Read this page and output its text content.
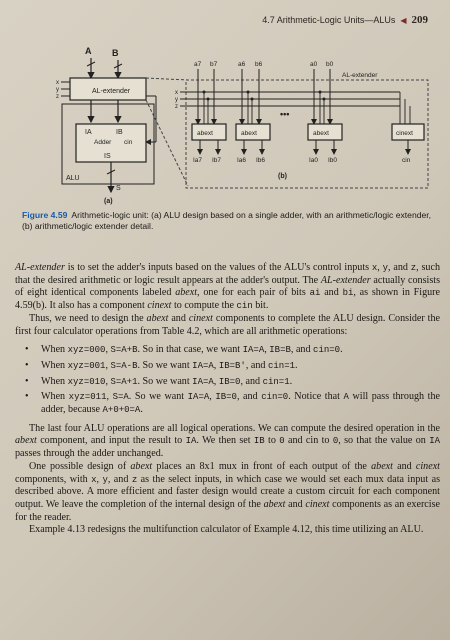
4.7 Arithmetic-Logic Units—ALUs ◀ 209
A B
x
y
z
AL-extender
IA	IB
Adder cin
IS
ALU
S
(a)
AL-extender
a7 b7	a6 b6	a0 b0
x
y
z
•••
abext	abext	abext	cinext
Ia7 Ib7 Ia6 Ib6	Ia0 Ib0	cin
(b)
Figure 4.59 Arithmetic-logic unit: (a) ALU design based on a single adder, with an arithmetic/logic extender, (b) arithmetic/logic extender detail.

AL-extender is to set the adder's inputs based on the values of the ALU's control inputs x, y, and z, such that the desired arithmetic or logic result appears at the adder's output. The AL-extender actually consists of eight identical components labeled abext, one for each pair of bits ai and bi, as shown in Figure 4.59(b). It also has a component cinext to compute the cin bit.

Thus, we need to design the abext and cinext components to complete the ALU design. Consider the first four calculator operations from Table 4.2, which are all arithmetic operations:

• When xyz=000, S=A+B. So in that case, we want IA=A, IB=B, and cin=0.
• When xyz=001, S=A-B. So we want IA=A, IB=B', and cin=1.
• When xyz=010, S=A+1. So we want IA=A, IB=0, and cin=1.
• When xyz=011, S=A. So we want IA=A, IB=0, and cin=0. Notice that A will pass through the adder, because A+0+0=A.

The last four ALU operations are all logical operations. We can compute the desired operation in the abext component, and input the result to IA. We then set IB to 0 and cin to 0, so that the value on IA passes through the adder unchanged.

One possible design of abext places an 8x1 mux in front of each output of the abext and cinext components, with x, y, and z as the select inputs, in which case we would set each mux data input as described above. A more efficient and faster design would create a custom circuit for each component output. We leave the completion of the internal design of the abext and cinext components as an exercise for the reader.

Example 4.13 redesigns the multifunction calculator of Example 4.12, this time utilizing an ALU.
